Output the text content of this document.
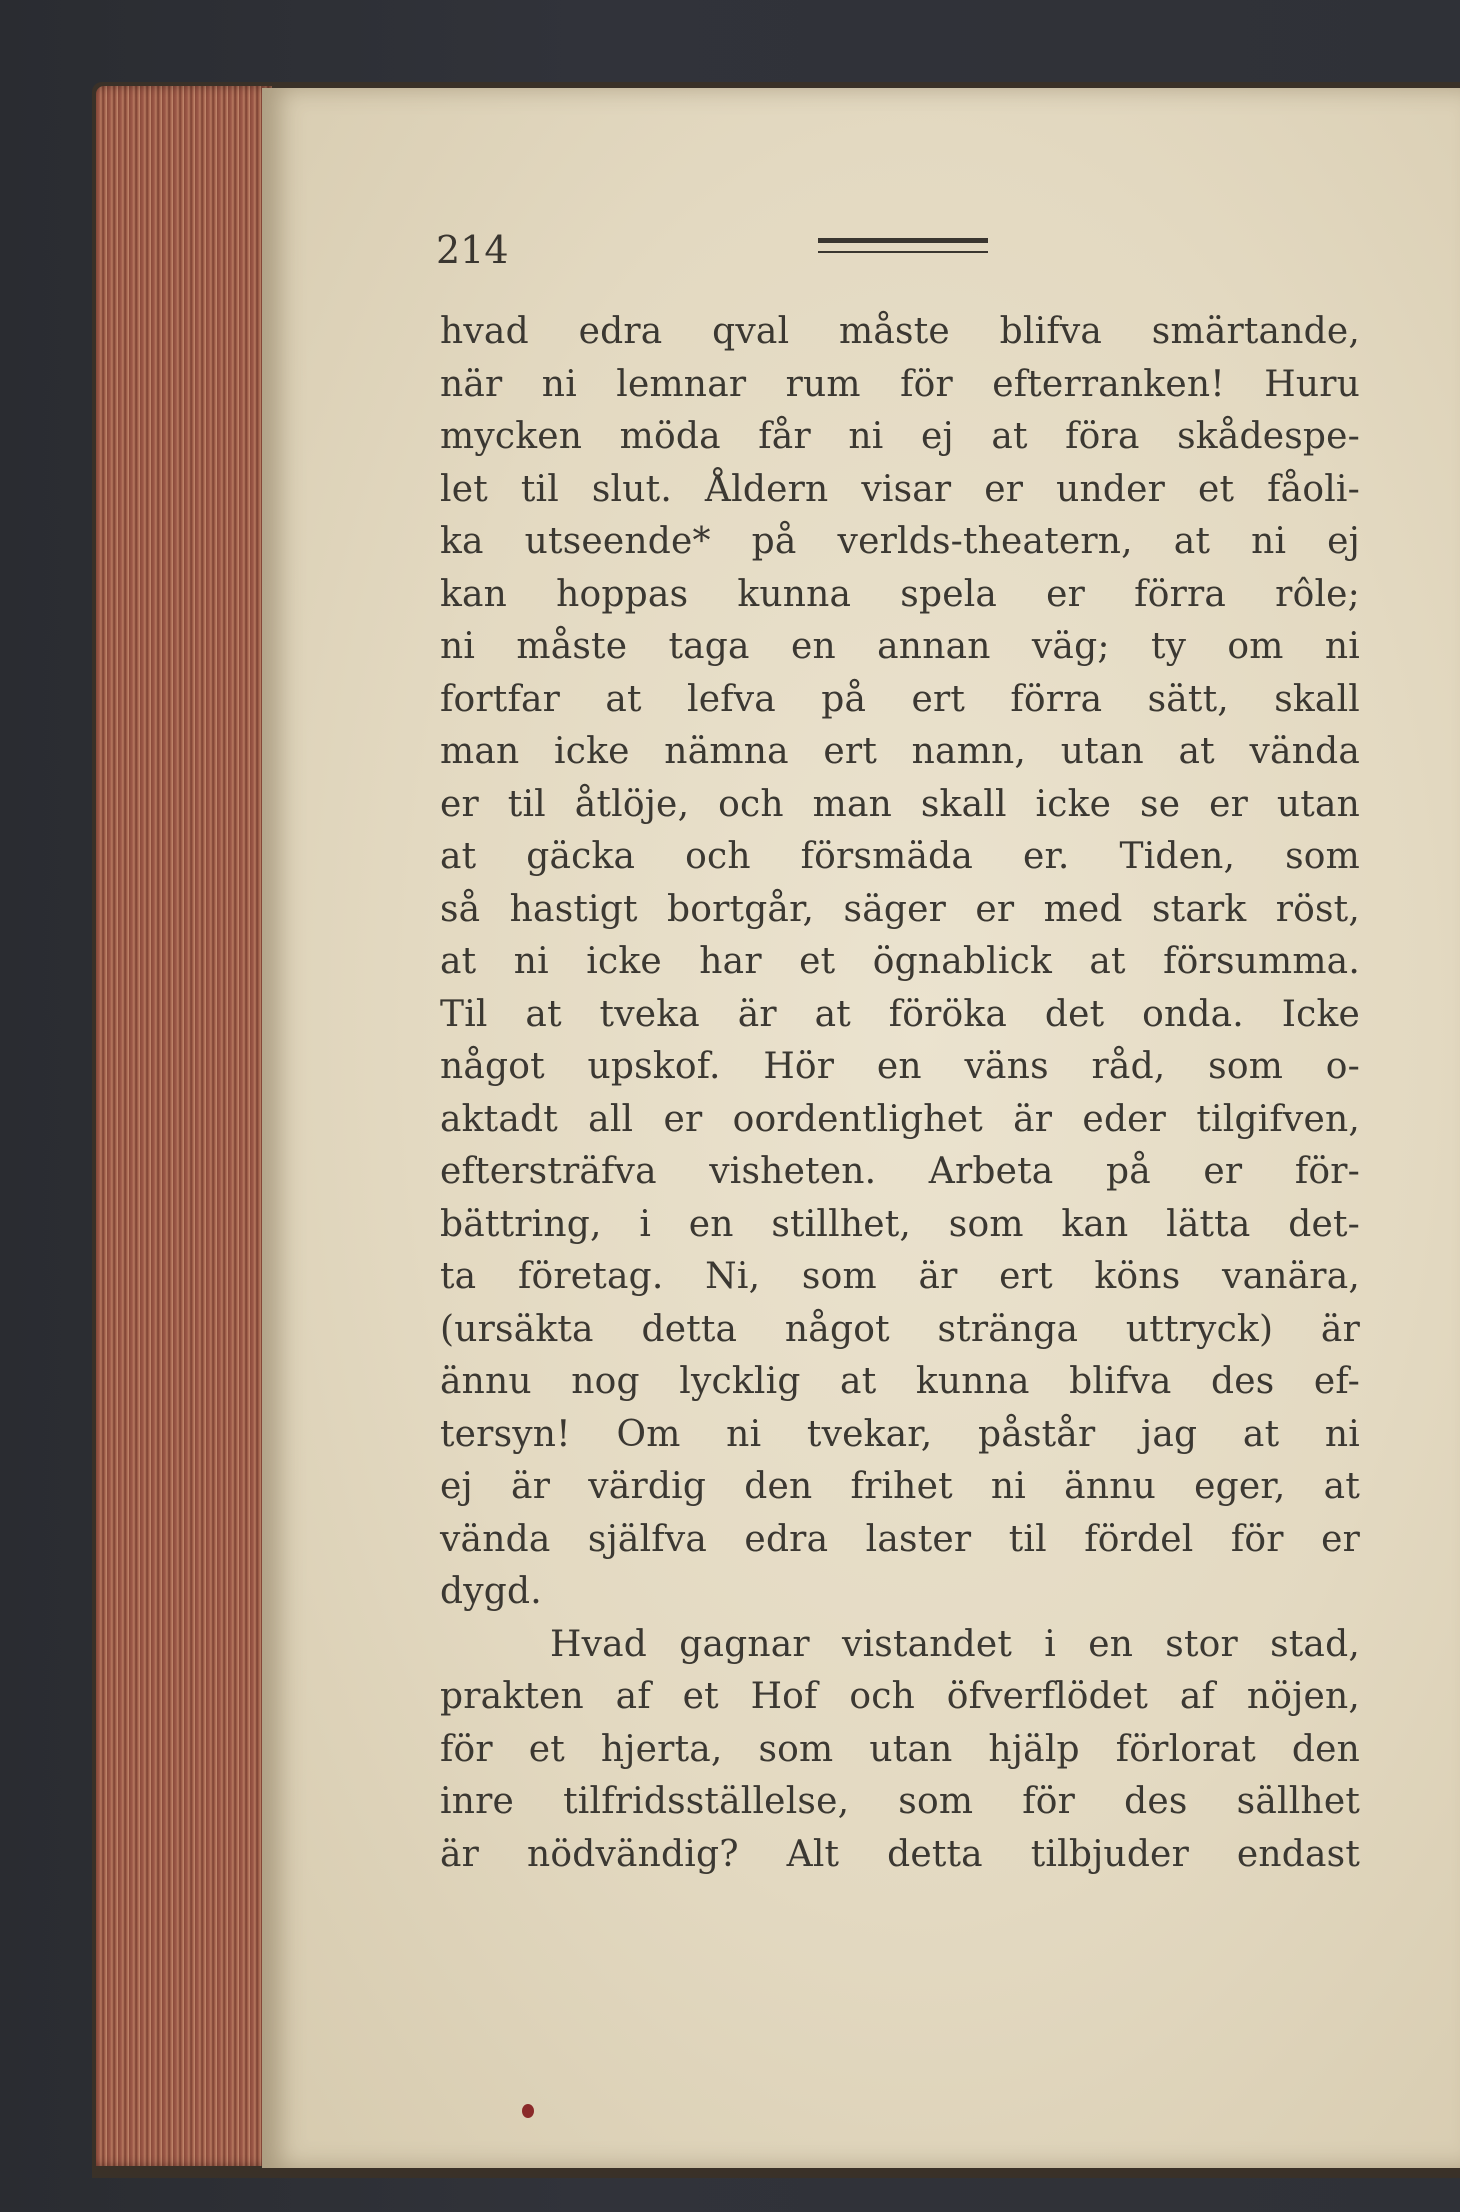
214

hvad edra qval måste blifva smärtande,
när ni lemnar rum för efterranken! Huru
mycken möda får ni ej at föra skådespe-
let til slut. Åldern visar er under et fåoli-
ka utseende* på verlds-theatern, at ni ej
kan hoppas kunna spela er förra rôle;
ni måste taga en annan väg; ty om ni
fortfar at lefva på ert förra sätt, skall
man icke nämna ert namn, utan at vända
er til åtlöje, och man skall icke se er utan
at gäcka och försmäda er. Tiden, som
så hastigt bortgår, säger er med stark röst,
at ni icke har et ögnablick at försumma.
Til at tveka är at föröka det onda. Icke
något upskof. Hör en väns råd, som o-
aktadt all er oordentlighet är eder tilgifven,
eftersträfva visheten. Arbeta på er för-
bättring, i en stillhet, som kan lätta det-
ta företag. Ni, som är ert köns vanära,
(ursäkta detta något stränga uttryck) är
ännu nog lycklig at kunna blifva des ef-
tersyn! Om ni tvekar, påstår jag at ni
ej är värdig den frihet ni ännu eger, at
vända själfva edra laster til fördel för er
dygd.
Hvad gagnar vistandet i en stor stad,
prakten af et Hof och öfverflödet af nöjen,
för et hjerta, som utan hjälp förlorat den
inre tilfridsställelse, som för des sällhet
är nödvändig? Alt detta tilbjuder endast
